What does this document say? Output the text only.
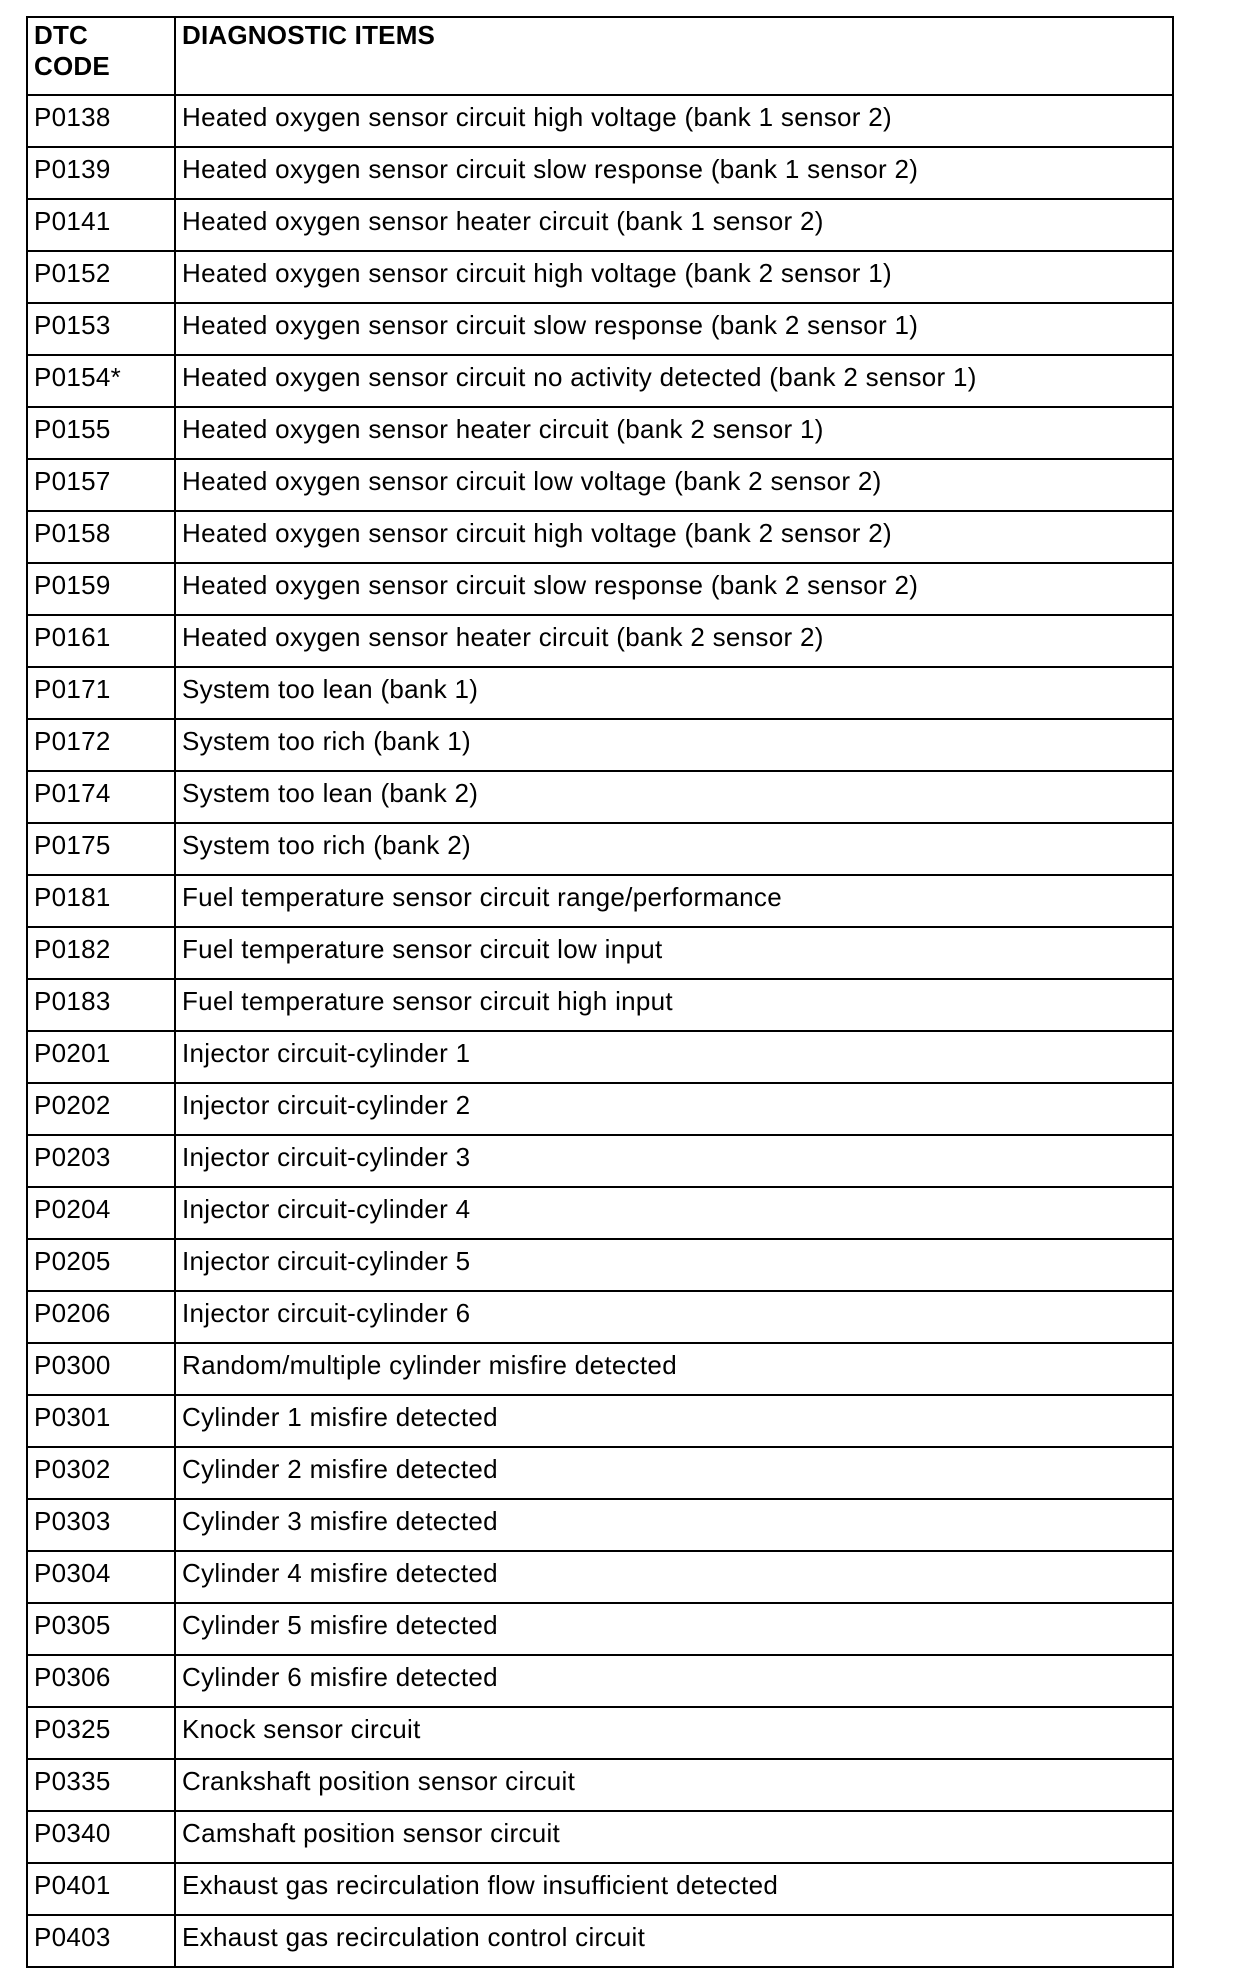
DTC
CODE	DIAGNOSTIC ITEMS
P0138	Heated oxygen sensor circuit high voltage (bank 1 sensor 2)
P0139	Heated oxygen sensor circuit slow response (bank 1 sensor 2)
P0141	Heated oxygen sensor heater circuit (bank 1 sensor 2)
P0152	Heated oxygen sensor circuit high voltage (bank 2 sensor 1)
P0153	Heated oxygen sensor circuit slow response (bank 2 sensor 1)
P0154*	Heated oxygen sensor circuit no activity detected (bank 2 sensor 1)
P0155	Heated oxygen sensor heater circuit (bank 2 sensor 1)
P0157	Heated oxygen sensor circuit low voltage (bank 2 sensor 2)
P0158	Heated oxygen sensor circuit high voltage (bank 2 sensor 2)
P0159	Heated oxygen sensor circuit slow response (bank 2 sensor 2)
P0161	Heated oxygen sensor heater circuit (bank 2 sensor 2)
P0171	System too lean (bank 1)
P0172	System too rich (bank 1)
P0174	System too lean (bank 2)
P0175	System too rich (bank 2)
P0181	Fuel temperature sensor circuit range/performance
P0182	Fuel temperature sensor circuit low input
P0183	Fuel temperature sensor circuit high input
P0201	Injector circuit-cylinder 1
P0202	Injector circuit-cylinder 2
P0203	Injector circuit-cylinder 3
P0204	Injector circuit-cylinder 4
P0205	Injector circuit-cylinder 5
P0206	Injector circuit-cylinder 6
P0300	Random/multiple cylinder misfire detected
P0301	Cylinder 1 misfire detected
P0302	Cylinder 2 misfire detected
P0303	Cylinder 3 misfire detected
P0304	Cylinder 4 misfire detected
P0305	Cylinder 5 misfire detected
P0306	Cylinder 6 misfire detected
P0325	Knock sensor circuit
P0335	Crankshaft position sensor circuit
P0340	Camshaft position sensor circuit
P0401	Exhaust gas recirculation flow insufficient detected
P0403	Exhaust gas recirculation control circuit
